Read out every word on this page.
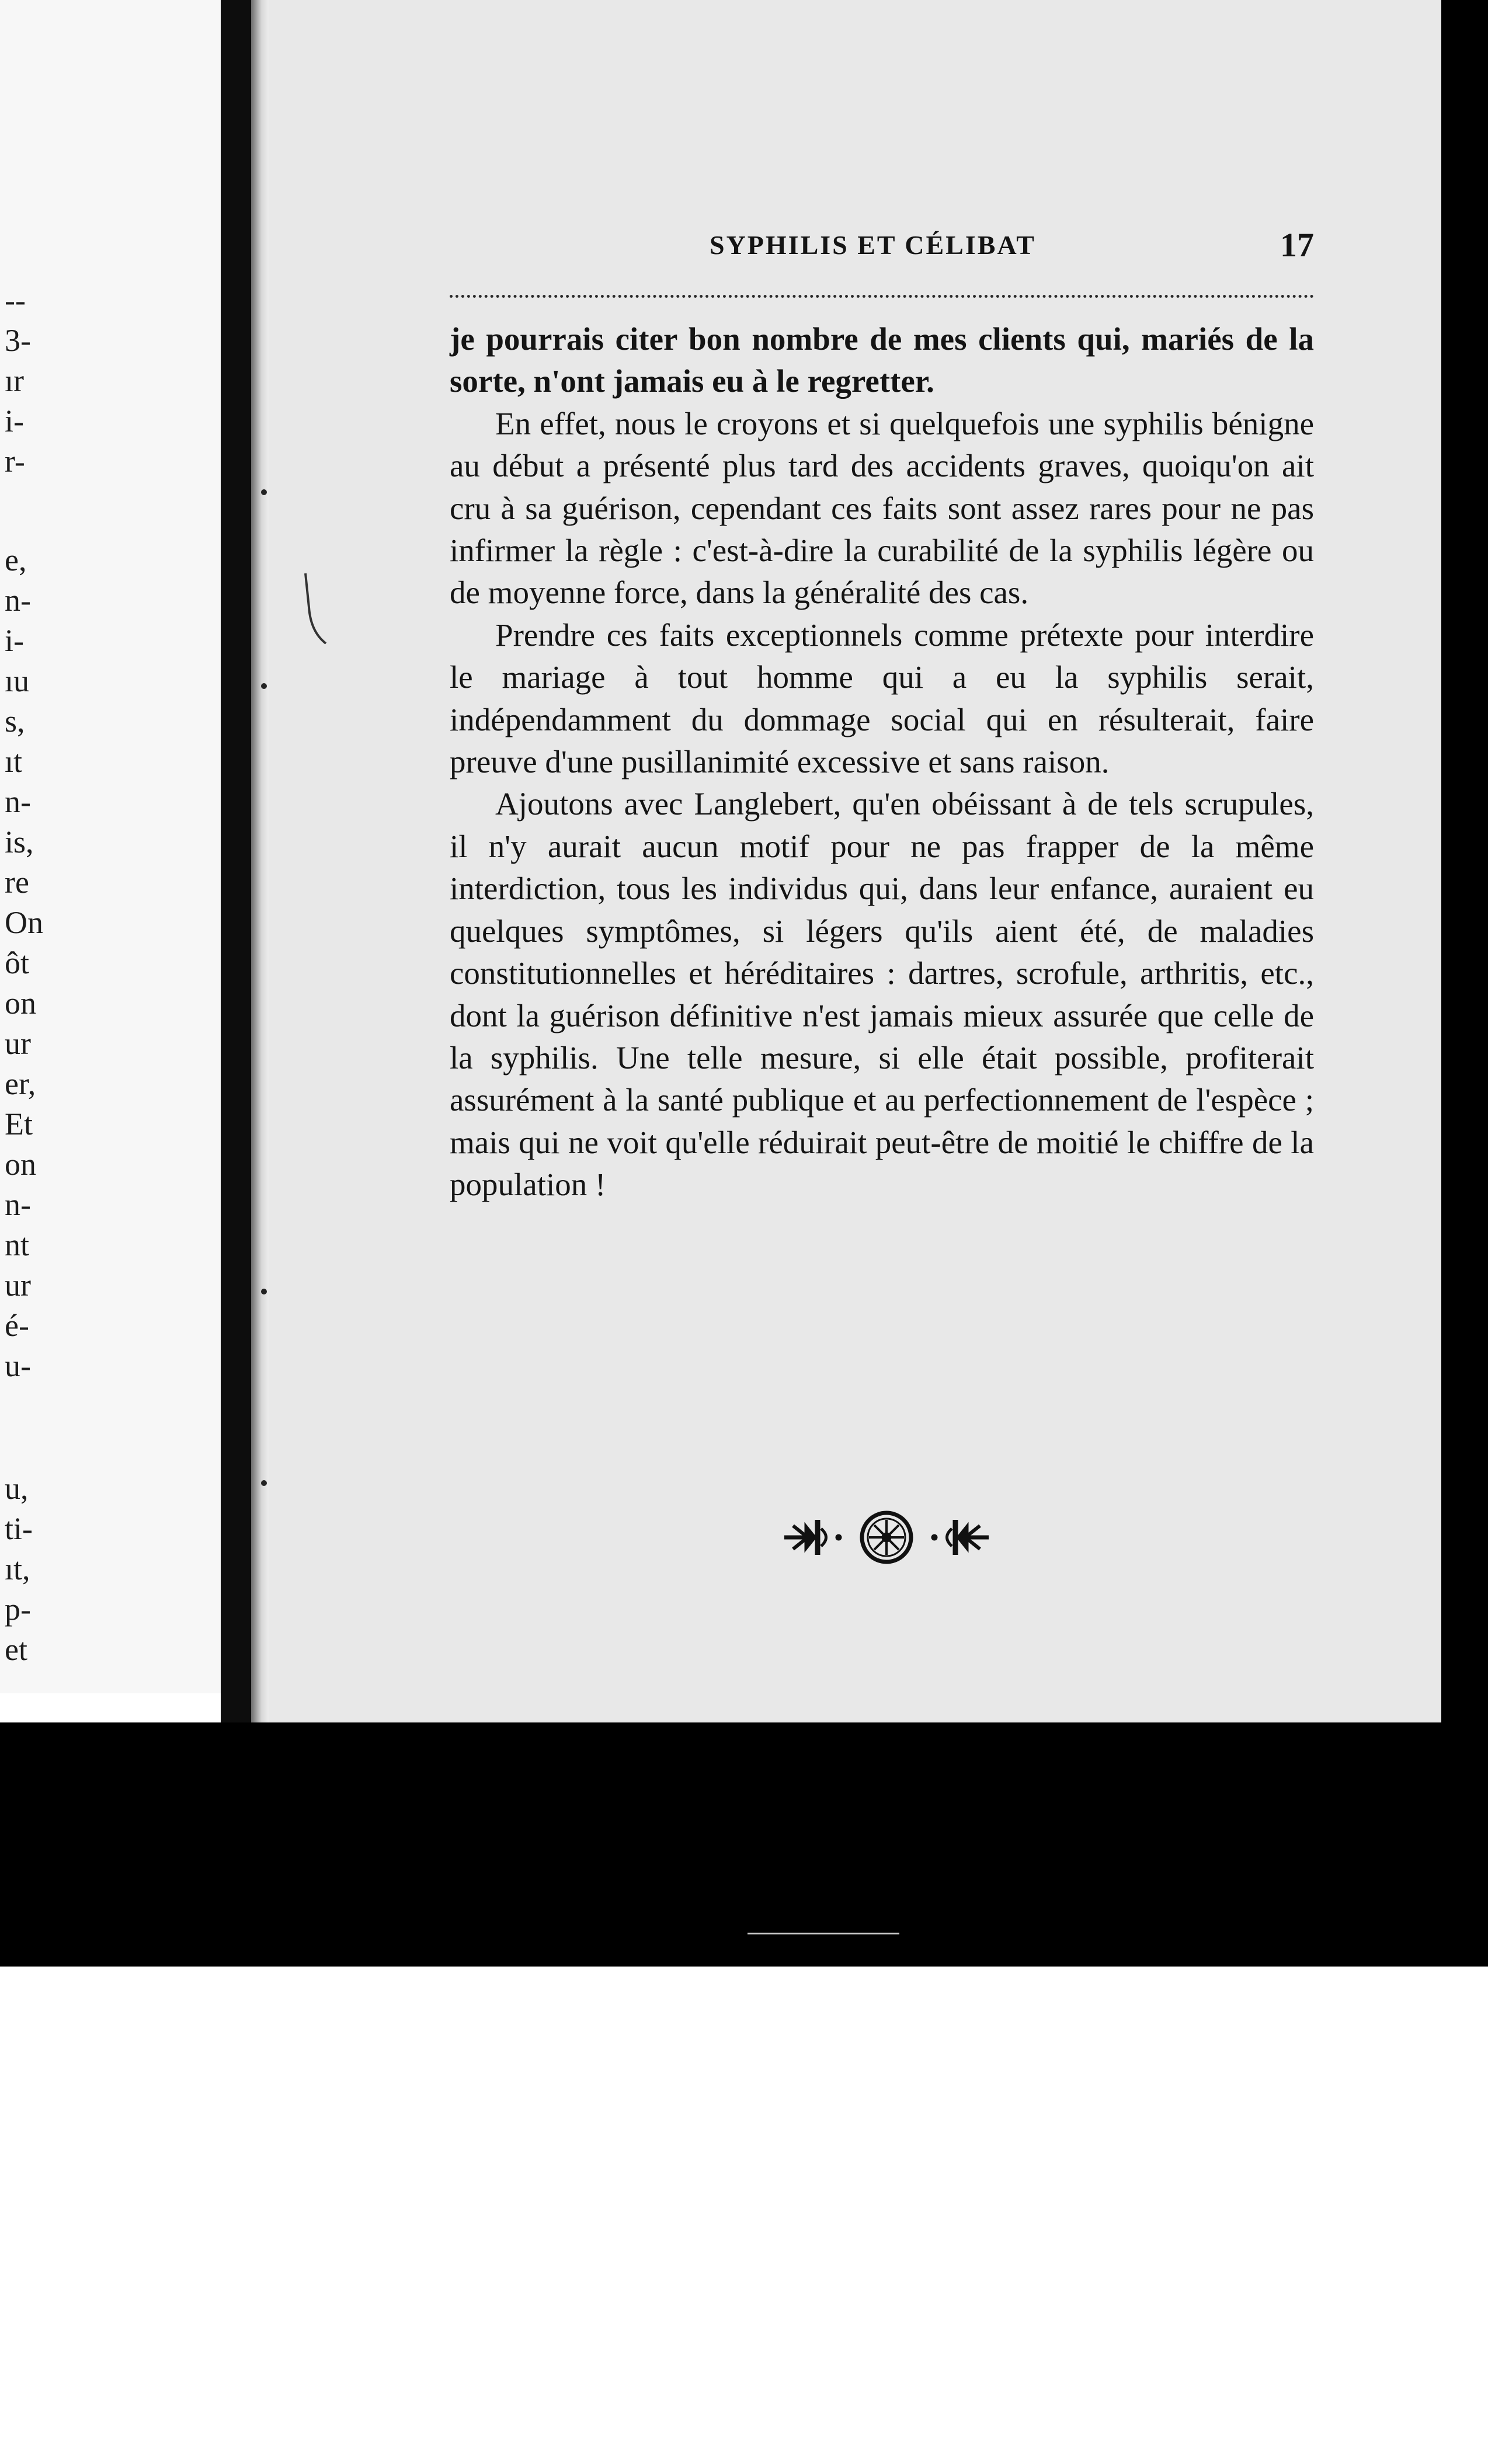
--
3-
ır
i-
r-
e,
n-
i-
ıu
s,
ıt
n-
is,
re
On
ôt
on
ur
er,
Et
on
n-
nt
ur
é-
u-
u,
ti-
ıt,
p-
et
SYPHILIS ET CÉLIBAT	17

je pourrais citer bon nombre de mes clients qui, mariés de la sorte, n'ont jamais eu à le regretter.

En effet, nous le croyons et si quelquefois une syphilis bénigne au début a présenté plus tard des accidents graves, quoiqu'on ait cru à sa guérison, cependant ces faits sont assez rares pour ne pas infirmer la règle : c'est-à-dire la curabilité de la syphilis légère ou de moyenne force, dans la généralité des cas.

Prendre ces faits exceptionnels comme prétexte pour interdire le mariage à tout homme qui a eu la syphilis serait, indépendamment du dommage social qui en résulterait, faire preuve d'une pusillanimité excessive et sans raison.

Ajoutons avec Langlebert, qu'en obéissant à de tels scrupules, il n'y aurait aucun motif pour ne pas frapper de la même interdiction, tous les individus qui, dans leur enfance, auraient eu quelques symptômes, si légers qu'ils aient été, de maladies constitutionnelles et héréditaires : dartres, scrofule, arthritis, etc., dont la guérison définitive n'est jamais mieux assurée que celle de la syphilis. Une telle mesure, si elle était possible, profiterait assurément à la santé publique et au perfectionnement de l'espèce ; mais qui ne voit qu'elle réduirait peut-être de moitié le chiffre de la population !
